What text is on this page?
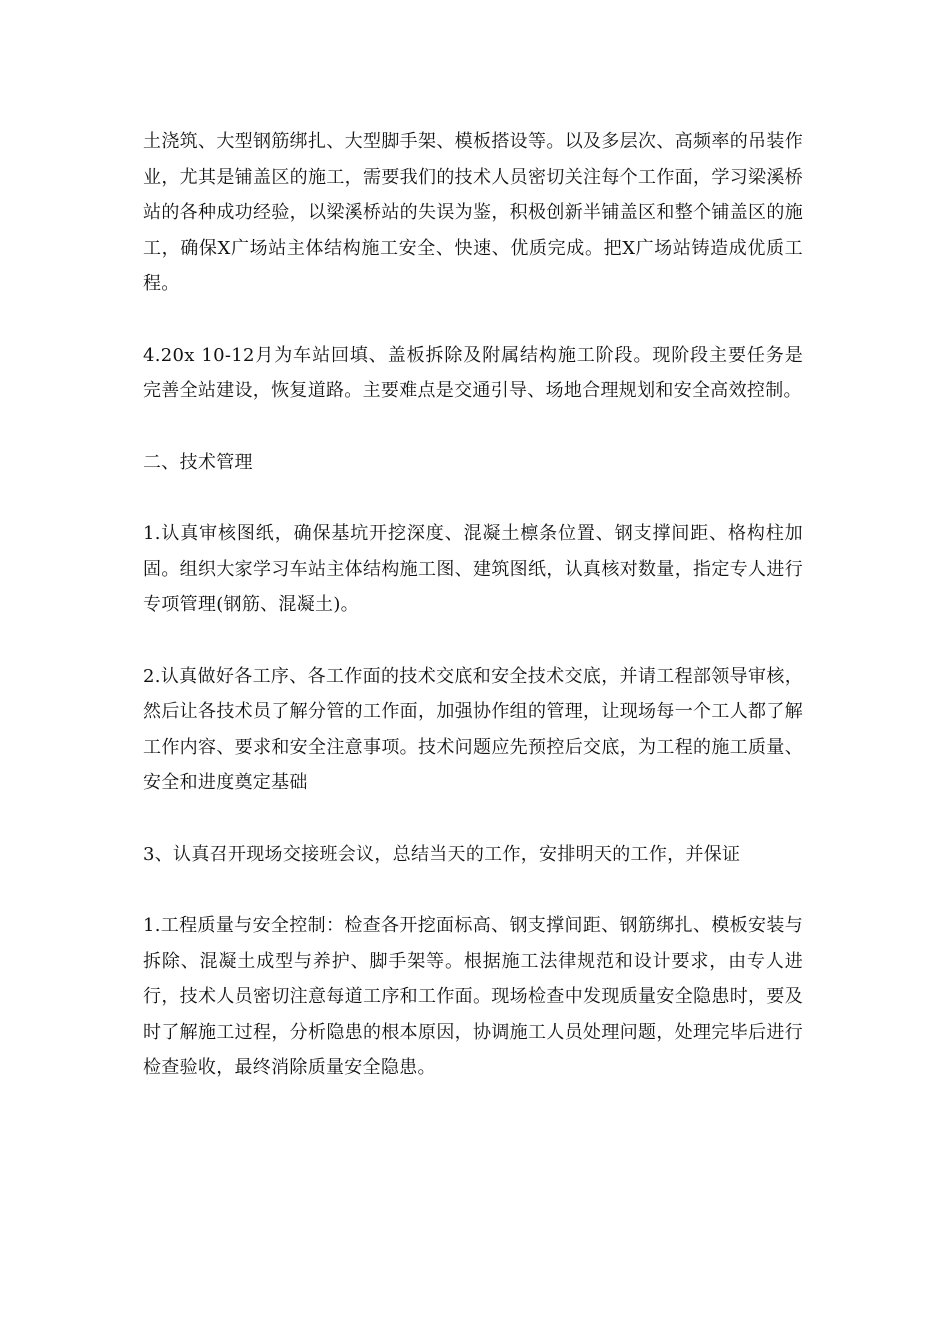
土浇筑、大型钢筋绑扎、大型脚手架、模板搭设等。以及多层次、高频率的吊装作业，尤其是铺盖区的施工，需要我们的技术人员密切关注每个工作面，学习梁溪桥站的各种成功经验，以梁溪桥站的失误为鉴，积极创新半铺盖区和整个铺盖区的施工，确保X广场站主体结构施工安全、快速、优质完成。把X广场站铸造成优质工程。

4.20x 10-12月为车站回填、盖板拆除及附属结构施工阶段。现阶段主要任务是完善全站建设，恢复道路。主要难点是交通引导、场地合理规划和安全高效控制。

二、技术管理

1.认真审核图纸，确保基坑开挖深度、混凝土檩条位置、钢支撑间距、格构柱加固。组织大家学习车站主体结构施工图、建筑图纸，认真核对数量，指定专人进行专项管理(钢筋、混凝土)。

2.认真做好各工序、各工作面的技术交底和安全技术交底，并请工程部领导审核，然后让各技术员了解分管的工作面，加强协作组的管理，让现场每一个工人都了解工作内容、要求和安全注意事项。技术问题应先预控后交底，为工程的施工质量、安全和进度奠定基础

3、认真召开现场交接班会议，总结当天的工作，安排明天的工作，并保证

1.工程质量与安全控制：检查各开挖面标高、钢支撑间距、钢筋绑扎、模板安装与拆除、混凝土成型与养护、脚手架等。根据施工法律规范和设计要求，由专人进行，技术人员密切注意每道工序和工作面。现场检查中发现质量安全隐患时，要及时了解施工过程，分析隐患的根本原因，协调施工人员处理问题，处理完毕后进行检查验收，最终消除质量安全隐患。
